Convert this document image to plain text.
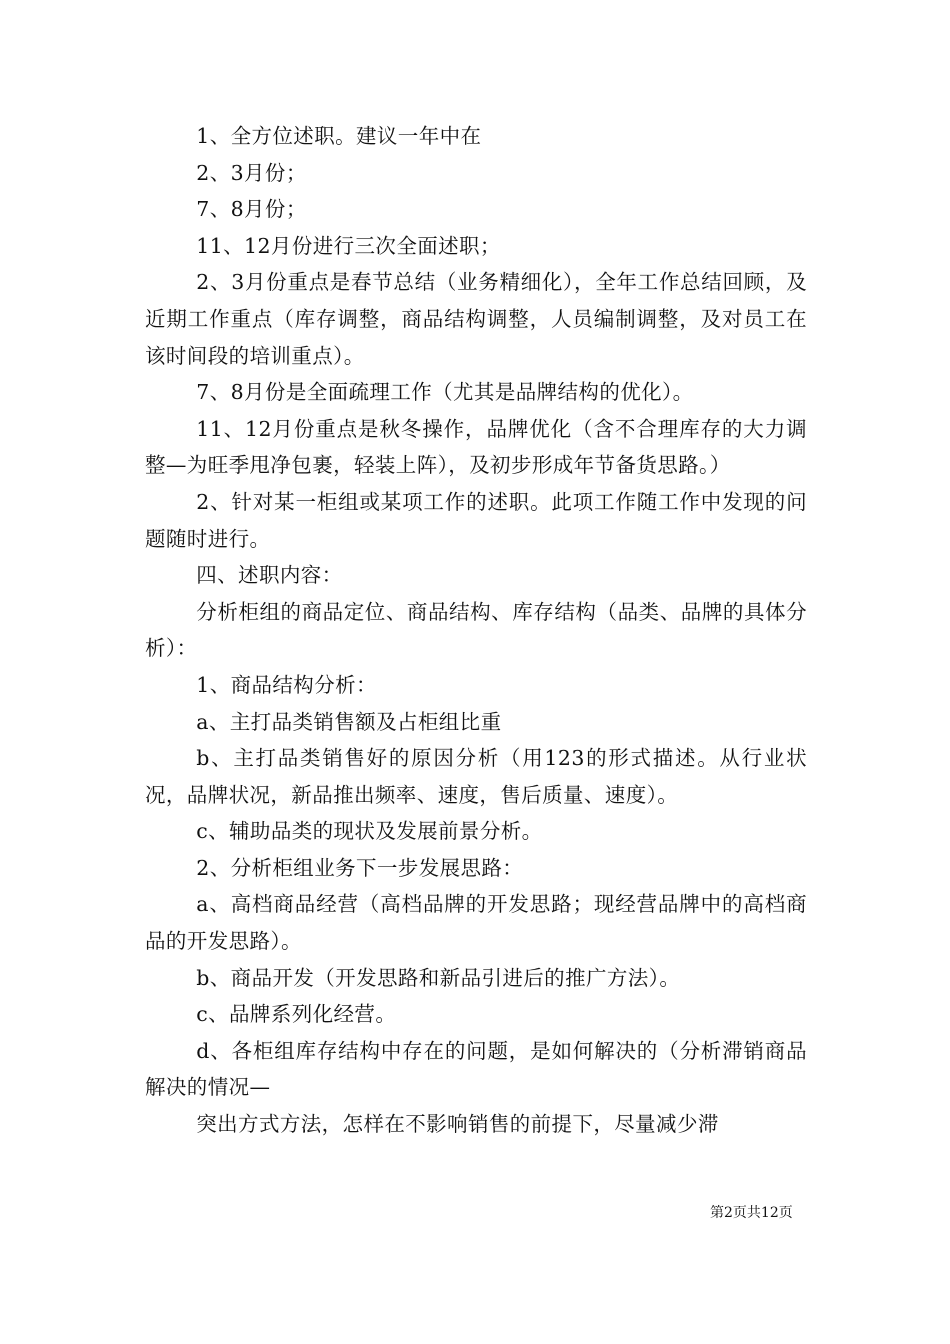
1、全方位述职。建议一年中在

2、3月份；

7、8月份；

11、12月份进行三次全面述职；

2、3月份重点是春节总结（业务精细化），全年工作总结回顾，及近期工作重点（库存调整，商品结构调整，人员编制调整，及对员工在该时间段的培训重点）。

7、8月份是全面疏理工作（尤其是品牌结构的优化）。

11、12月份重点是秋冬操作，品牌优化（含不合理库存的大力调整—为旺季甩净包裹，轻装上阵），及初步形成年节备货思路。）

2、针对某一柜组或某项工作的述职。此项工作随工作中发现的问题随时进行。

四、述职内容：

分析柜组的商品定位、商品结构、库存结构（品类、品牌的具体分析）：

1、商品结构分析：

a、主打品类销售额及占柜组比重

b、主打品类销售好的原因分析（用123的形式描述。从行业状况，品牌状况，新品推出频率、速度，售后质量、速度）。

c、辅助品类的现状及发展前景分析。

2、分析柜组业务下一步发展思路：

a、高档商品经营（高档品牌的开发思路；现经营品牌中的高档商品的开发思路）。

b、商品开发（开发思路和新品引进后的推广方法）。

c、品牌系列化经营。

d、各柜组库存结构中存在的问题，是如何解决的（分析滞销商品解决的情况—

突出方式方法，怎样在不影响销售的前提下，尽量减少滞

第2页共12页
